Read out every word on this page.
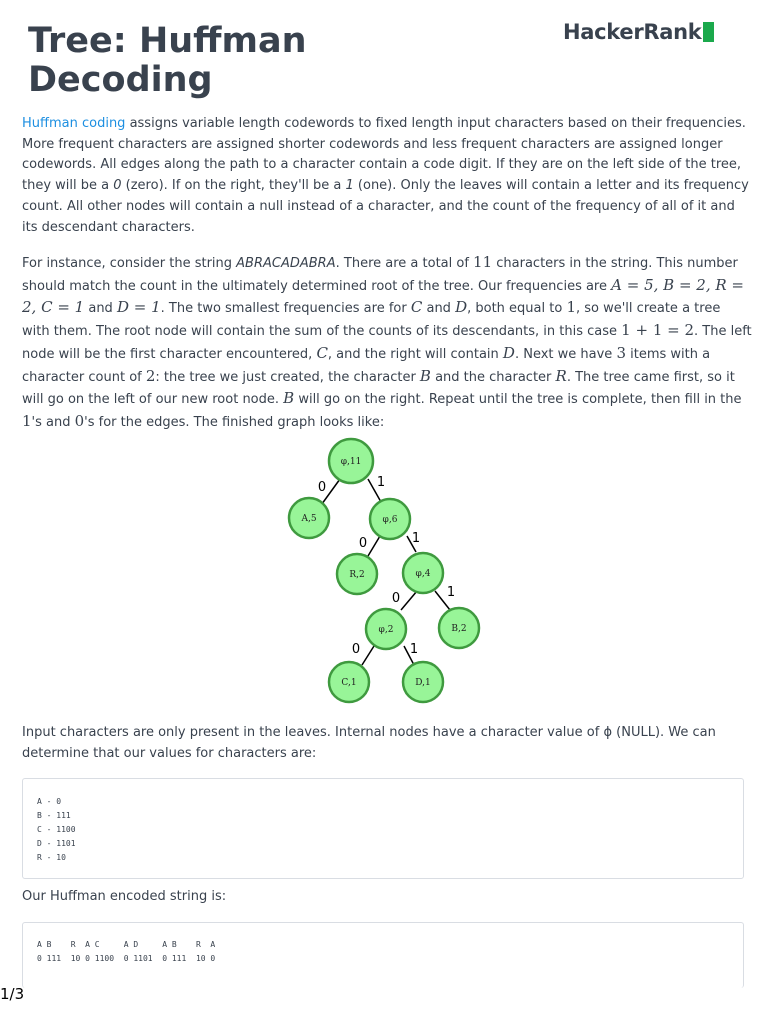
Tree: Huffman
Decoding
HackerRank

Huffman coding assigns variable length codewords to fixed length input characters based on their frequencies. More frequent characters are assigned shorter codewords and less frequent characters are assigned longer codewords. All edges along the path to a character contain a code digit. If they are on the left side of the tree, they will be a 0 (zero). If on the right, they'll be a 1 (one). Only the leaves will contain a letter and its frequency count. All other nodes will contain a null instead of a character, and the count of the frequency of all of it and its descendant characters.

For instance, consider the string ABRACADABRA. There are a total of 11 characters in the string. This number should match the count in the ultimately determined root of the tree. Our frequencies are A = 5, B = 2, R = 2, C = 1 and D = 1. The two smallest frequencies are for C and D, both equal to 1, so we'll create a tree with them. The root node will contain the sum of the counts of its descendants, in this case 1 + 1 = 2. The left node will be the first character encountered, C, and the right will contain D. Next we have 3 items with a character count of 2: the tree we just created, the character B and the character R. The tree came first, so it will go on the left of our new root node. B will go on the right. Repeat until the tree is complete, then fill in the 1's and 0's for the edges. The finished graph looks like:

0	1
0	1
0	1
0	1
φ,11
A,5	φ,6
R,2	φ,4
φ,2	B,2
C,1	D,1

Input characters are only present in the leaves. Internal nodes have a character value of ϕ (NULL). We can determine that our values for characters are:

A - 0
B - 111
C - 1100
D - 1101
R - 10

Our Huffman encoded string is:

A B    R  A C     A D     A B    R  A
0 111  10 0 1100  0 1101  0 111  10 0
1/3
